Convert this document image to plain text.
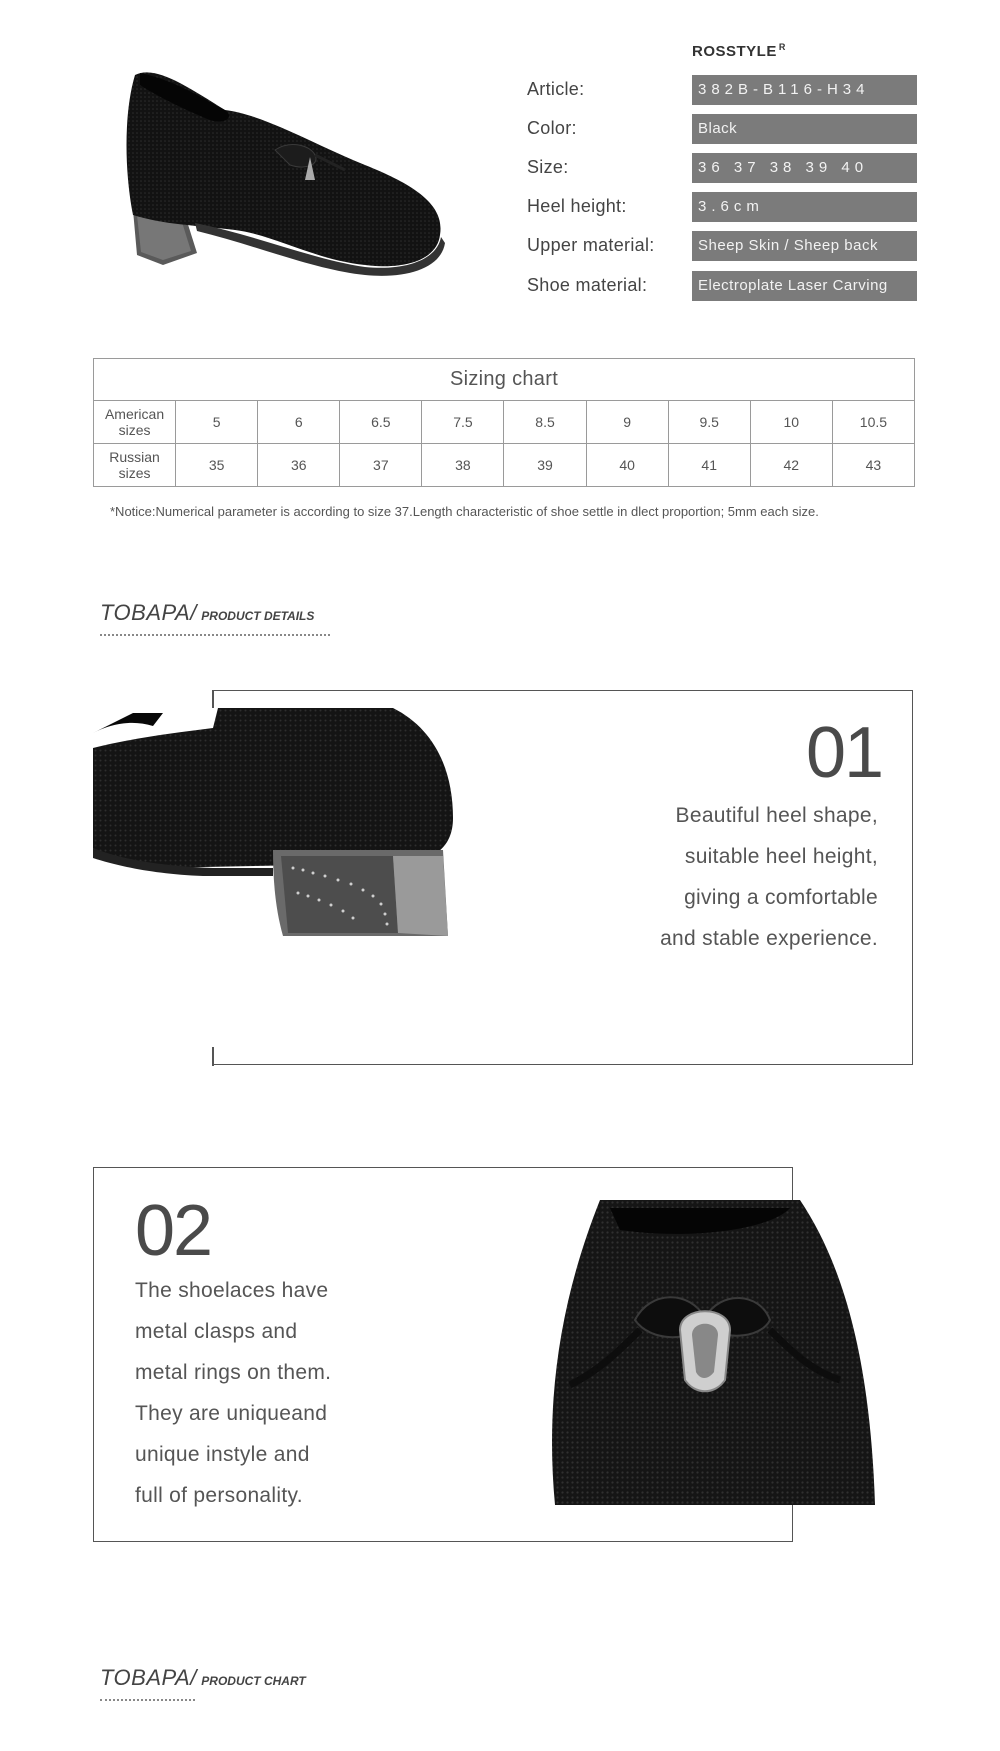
ROSSTYLE $^R$
Article:	382B-B116-H34
Color:	Black
Size:	36 37 38 39 40
Heel height:	3.6cm
Upper material:	Sheep Skin / Sheep back
Shoe material:	Electroplate Laser Carving
Sizing chart									
American sizes	5	6	6.5	7.5	8.5	9	9.5	10	10.5
Russian sizes	35	36	37	38	39	40	41	42	43
*Notice:Numerical parameter is according to size 37.Length characteristic of shoe settle in dlect proportion; 5mm each size.
TOBAPA/ PRODUCT DETAILS
01
Beautiful heel shape,
suitable heel height,
giving a comfortable
and stable experience.
02
The shoelaces have
metal clasps and
metal rings on them.
They are uniqueand
unique instyle and
full of personality.
TOBAPA/ PRODUCT CHART
